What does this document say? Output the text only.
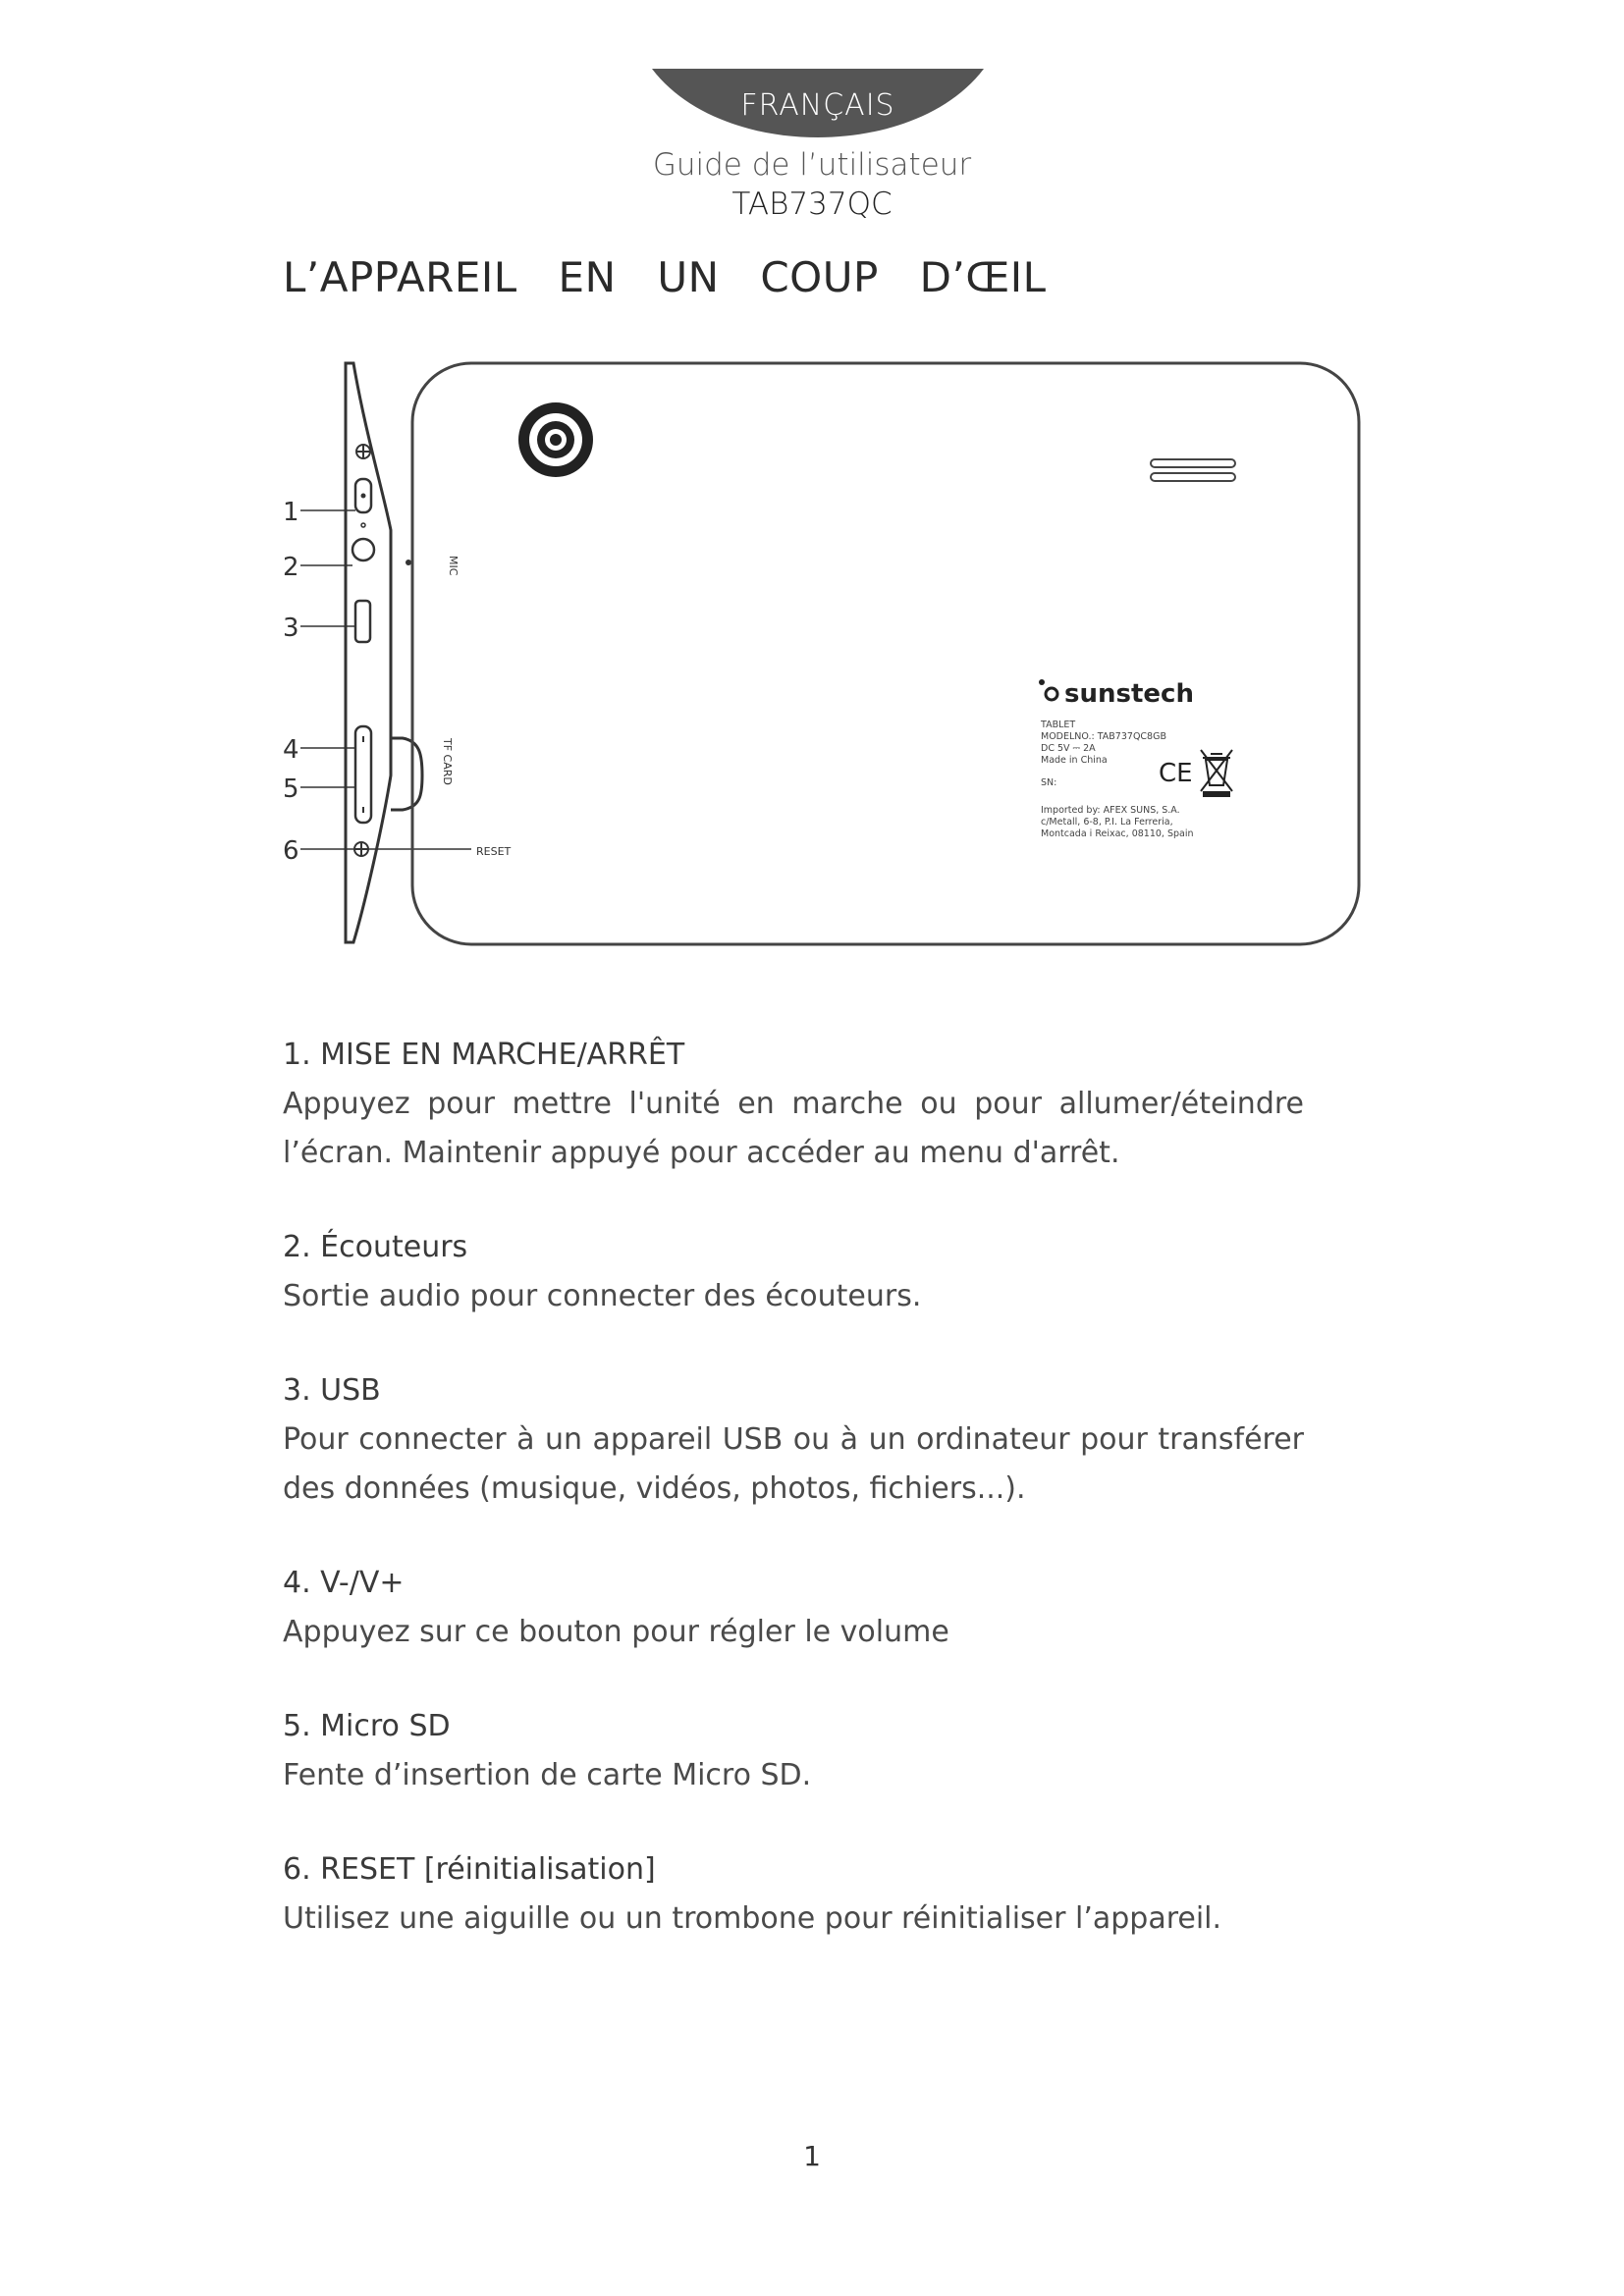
FRANÇAIS
Guide de l’utilisateur
TAB737QC
L’APPAREIL EN UN COUP D’ŒIL
MIC
TF CARD
RESET
1
2
3
4
5
6
sunstech
TABLET
MODELNO.: TAB737QC8GB
DC 5V ⎓ 2A
Made in China
SN:
Imported by: AFEX SUNS, S.A.
c/Metall, 6-8, P.I. La Ferreria,
Montcada i Reixac, 08110, Spain
CE
1. MISE EN MARCHE/ARRÊT
Appuyez pour mettre l'unité en marche ou pour allumer/éteindre l’écran. Maintenir appuyé pour accéder au menu d'arrêt.
2. Écouteurs
Sortie audio pour connecter des écouteurs.
3. USB
Pour connecter à un appareil USB ou à un ordinateur pour transférer des données (musique, vidéos, photos, fichiers...).
4. V-/V+
Appuyez sur ce bouton pour régler le volume
5. Micro SD
Fente d’insertion de carte Micro SD.
6. RESET [réinitialisation]
Utilisez une aiguille ou un trombone pour réinitialiser l’appareil.
1
